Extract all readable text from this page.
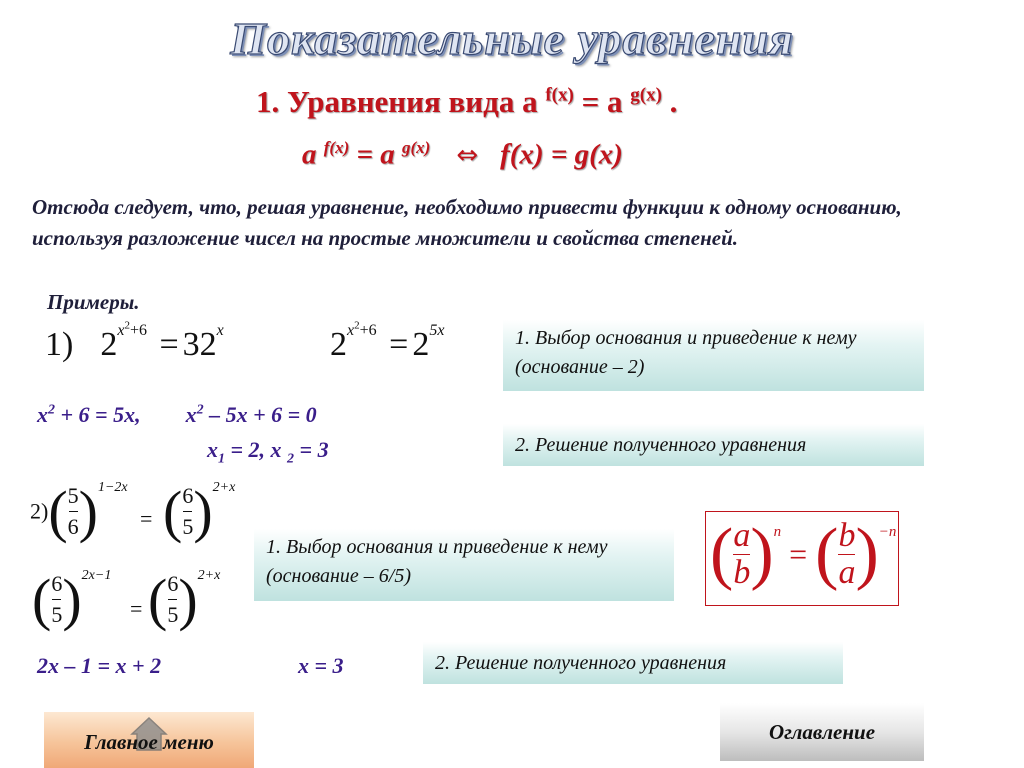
Показательные уравнения
1. Уравнения вида a $^{f(x)}$ = a $^{g(x)}$ .
a $^{f(x)}$ = a $^{g(x)}$ ⇔ f(x) = g(x)
Отсюда следует, что, решая уравнение, необходимо привести функции к одному основанию, используя разложение чисел на простые множители и свойства степеней.
Примеры.
1) $2^{x^2+6} = 32^x$	$2^{x^2+6} = 2^{5x}$
$x^2 + 6 = 5x$, $x^2 - 5x + 6 = 0$
$x_1 = 2$, x $_2$ = 3
1. Выбор основания и приведение к нему (основание – 2)
2. Решение полученного уравнения
$2)( \frac{5}{6} )^{1-2x}$
= ( $\frac{6}{5} )^{2+x}$
( $\frac{6}{5} )^{2x-1}$
= ( $\frac{6}{5} )^{2+x}$
2x – 1 = x + 2	x = 3
1. Выбор основания и приведение к нему (основание – 6/5)
2. Решение полученного уравнения
( $\frac{a}{b} )^n=$ ( $\frac{b}{a} )^{-n}$
Главное меню	Оглавление
